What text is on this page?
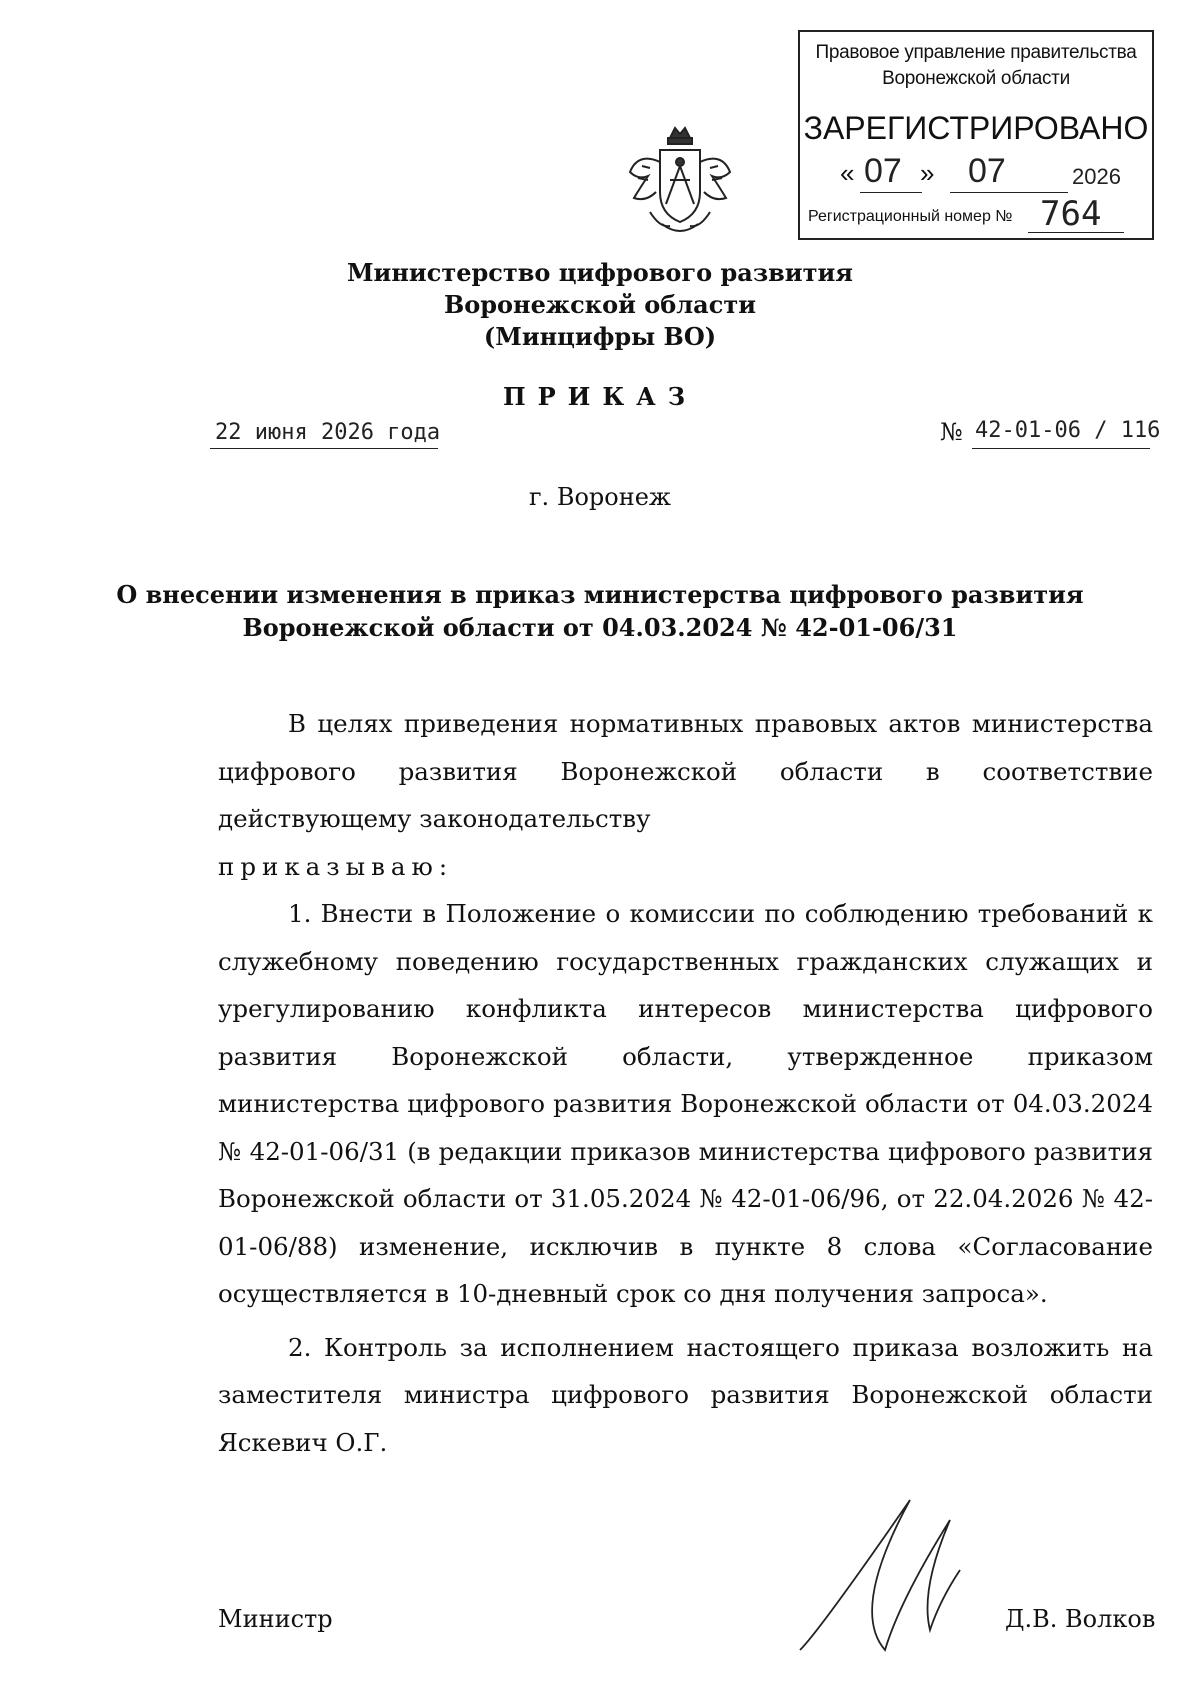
Правовое управление правительства
Воронежской области
ЗАРЕГИСТРИРОВАНО
« 07 » 07	2026
Регистрационный номер № 764
Министерство цифрового развития
Воронежской области
(Минцифры ВО)
ПРИКАЗ
22 июня 2026 года	№ 42-01-06 / 116
г. Воронеж
О внесении изменения в приказ министерства цифрового развития
Воронежской области от 04.03.2024 № 42-01-06/31

В целях приведения нормативных правовых актов министерства цифрового развития Воронежской области в соответствие действующему законодательству

приказываю:

1. Внести в Положение о комиссии по соблюдению требований к служебному поведению государственных гражданских служащих и урегулированию конфликта интересов министерства цифрового развития Воронежской области, утвержденное приказом министерства цифрового развития Воронежской области от 04.03.2024 № 42-01-06/31 (в редакции приказов министерства цифрового развития Воронежской области от 31.05.2024 № 42-01-06/96, от 22.04.2026 № 42-01-06/88) изменение, исключив в пункте 8 слова «Согласование осуществляется в 10-дневный срок со дня получения запроса».

2. Контроль за исполнением настоящего приказа возложить на заместителя министра цифрового развития Воронежской области Яскевич О.Г.

Министр	Д.В. Волков
